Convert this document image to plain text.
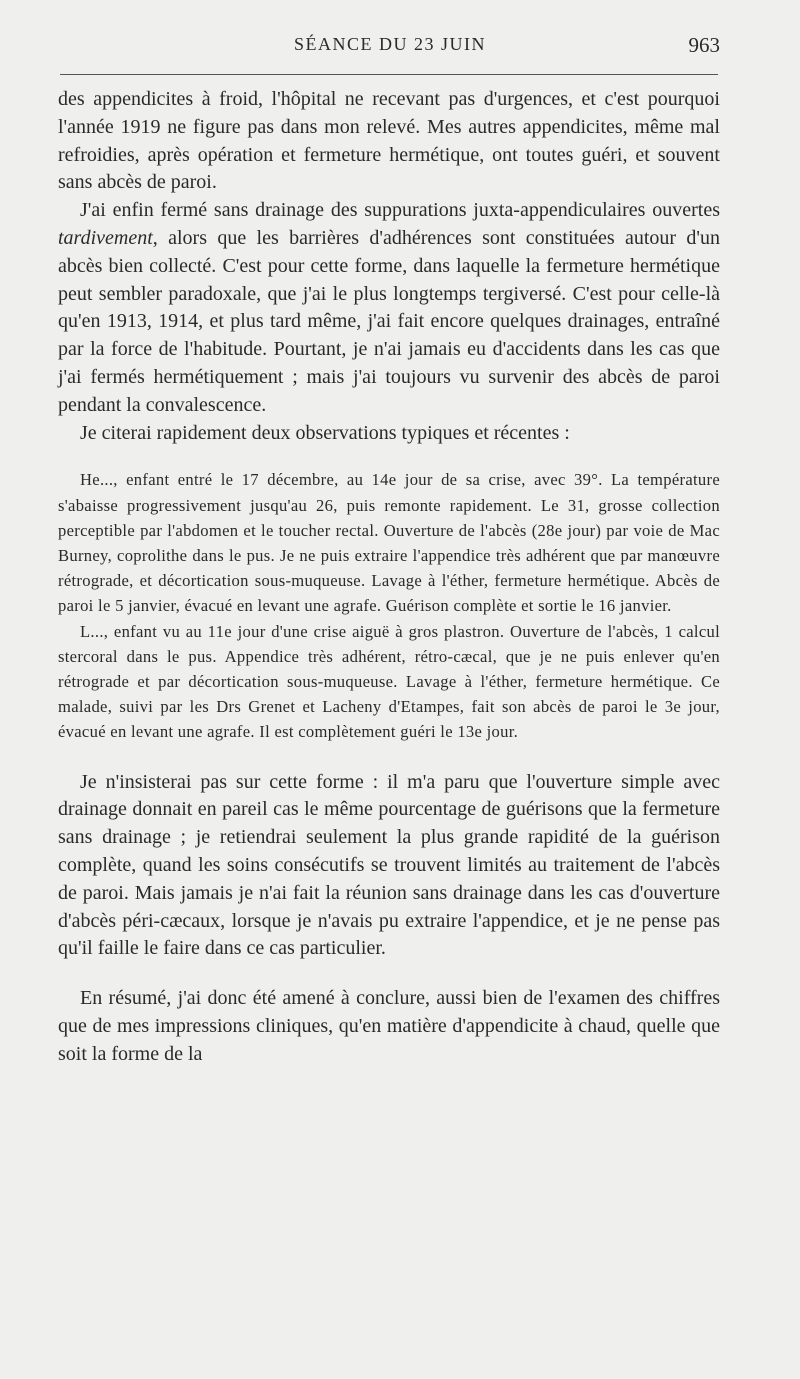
SÉANCE DU 23 JUIN	963

des appendicites à froid, l'hôpital ne recevant pas d'urgences, et c'est pourquoi l'année 1919 ne figure pas dans mon relevé. Mes autres appendicites, même mal refroidies, après opération et fermeture hermétique, ont toutes guéri, et souvent sans abcès de paroi.

J'ai enfin fermé sans drainage des suppurations juxta-appendiculaires ouvertes tardivement, alors que les barrières d'adhérences sont constituées autour d'un abcès bien collecté. C'est pour cette forme, dans laquelle la fermeture hermétique peut sembler paradoxale, que j'ai le plus longtemps tergiversé. C'est pour celle-là qu'en 1913, 1914, et plus tard même, j'ai fait encore quelques drainages, entraîné par la force de l'habitude. Pourtant, je n'ai jamais eu d'accidents dans les cas que j'ai fermés hermétiquement ; mais j'ai toujours vu survenir des abcès de paroi pendant la convalescence.

Je citerai rapidement deux observations typiques et récentes :

He..., enfant entré le 17 décembre, au 14e jour de sa crise, avec 39°. La température s'abaisse progressivement jusqu'au 26, puis remonte rapidement. Le 31, grosse collection perceptible par l'abdomen et le toucher rectal. Ouverture de l'abcès (28e jour) par voie de Mac Burney, coprolithe dans le pus. Je ne puis extraire l'appendice très adhérent que par manœuvre rétrograde, et décortication sous-muqueuse. Lavage à l'éther, fermeture hermétique. Abcès de paroi le 5 janvier, évacué en levant une agrafe. Guérison complète et sortie le 16 janvier.

L..., enfant vu au 11e jour d'une crise aiguë à gros plastron. Ouverture de l'abcès, 1 calcul stercoral dans le pus. Appendice très adhérent, rétro-cæcal, que je ne puis enlever qu'en rétrograde et par décortication sous-muqueuse. Lavage à l'éther, fermeture hermétique. Ce malade, suivi par les Drs Grenet et Lacheny d'Etampes, fait son abcès de paroi le 3e jour, évacué en levant une agrafe. Il est complètement guéri le 13e jour.

Je n'insisterai pas sur cette forme : il m'a paru que l'ouverture simple avec drainage donnait en pareil cas le même pourcentage de guérisons que la fermeture sans drainage ; je retiendrai seulement la plus grande rapidité de la guérison complète, quand les soins consécutifs se trouvent limités au traitement de l'abcès de paroi. Mais jamais je n'ai fait la réunion sans drainage dans les cas d'ouverture d'abcès péri-cæcaux, lorsque je n'avais pu extraire l'appendice, et je ne pense pas qu'il faille le faire dans ce cas particulier.

En résumé, j'ai donc été amené à conclure, aussi bien de l'examen des chiffres que de mes impressions cliniques, qu'en matière d'appendicite à chaud, quelle que soit la forme de la
